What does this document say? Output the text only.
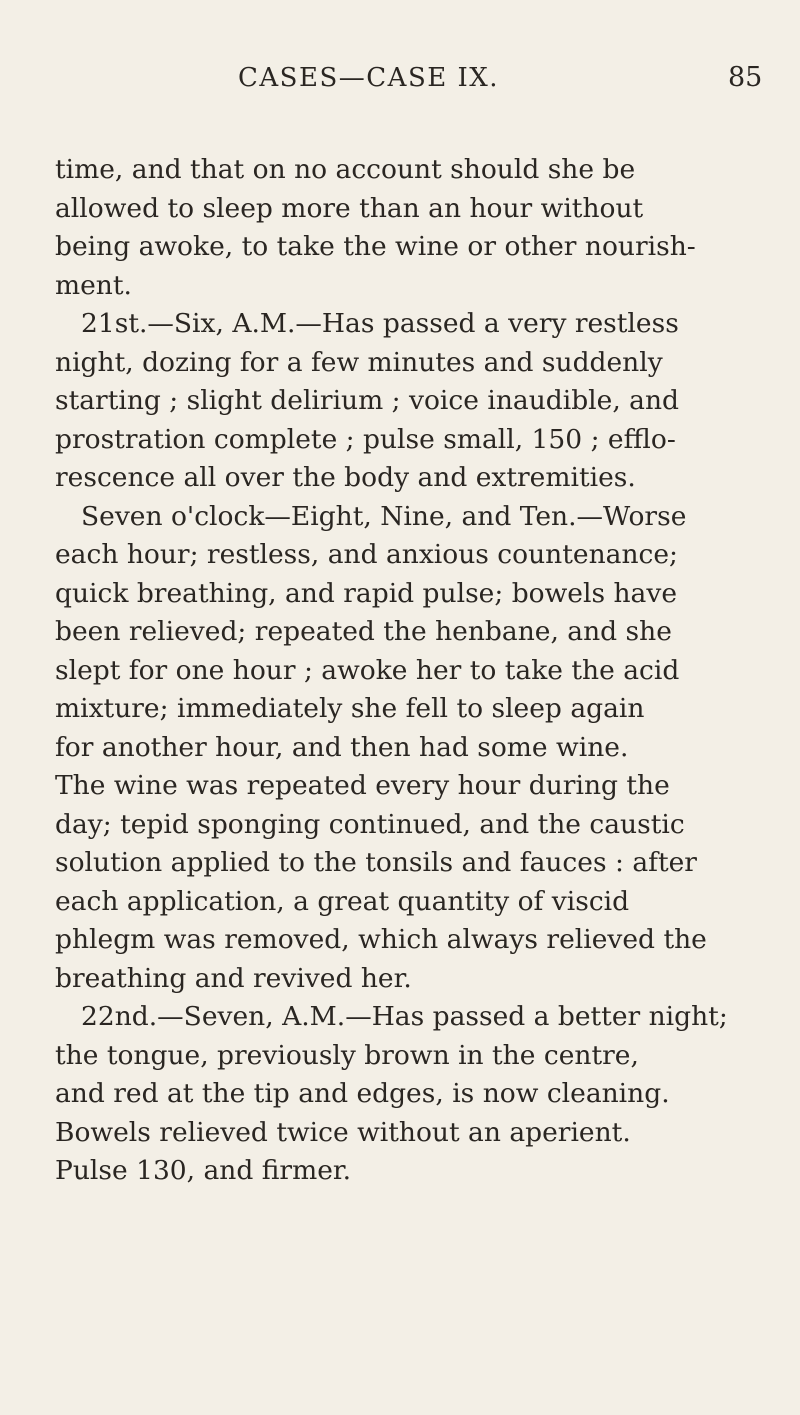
CASES—CASE IX.	85
time, and that on no account should she be
allowed to sleep more than an hour without
being awoke, to take the wine or other nourish-
ment.
21st.—Six, A.M.—Has passed a very restless
night, dozing for a few minutes and suddenly
starting ; slight delirium ; voice inaudible, and
prostration complete ; pulse small, 150 ; efflo-
rescence all over the body and extremities.
Seven o'clock—Eight, Nine, and Ten.—Worse
each hour; restless, and anxious countenance;
quick breathing, and rapid pulse; bowels have
been relieved; repeated the henbane, and she
slept for one hour ; awoke her to take the acid
mixture; immediately she fell to sleep again
for another hour, and then had some wine.
The wine was repeated every hour during the
day; tepid sponging continued, and the caustic
solution applied to the tonsils and fauces : after
each application, a great quantity of viscid
phlegm was removed, which always relieved the
breathing and revived her.
22nd.—Seven, A.M.—Has passed a better night;
the tongue, previously brown in the centre,
and red at the tip and edges, is now cleaning.
Bowels relieved twice without an aperient.
Pulse 130, and firmer.
